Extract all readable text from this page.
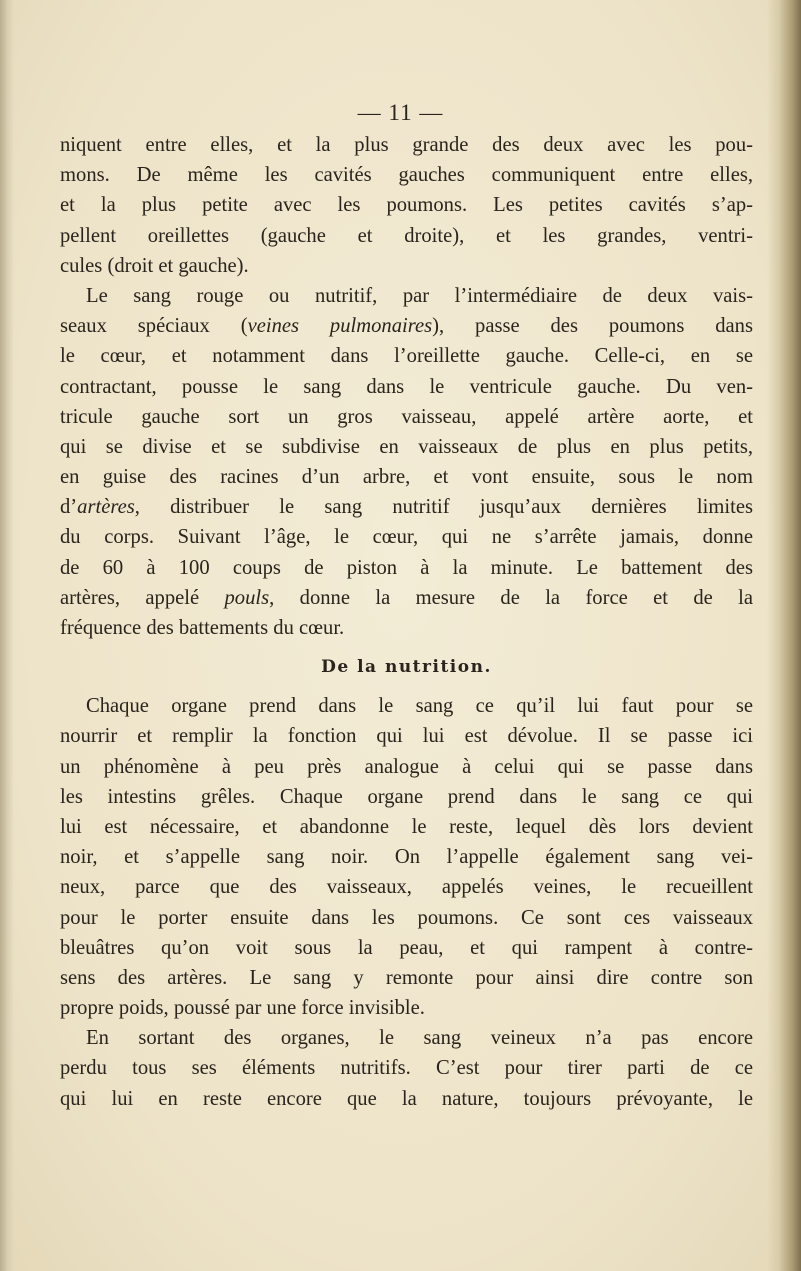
— 11 —
niquent entre elles, et la plus grande des deux avec les pou-
mons. De même les cavités gauches communiquent entre elles,
et la plus petite avec les poumons. Les petites cavités s’ap-
pellent oreillettes (gauche et droite), et les grandes, ventri-
cules (droit et gauche).
Le sang rouge ou nutritif, par l’intermédiaire de deux vais-
seaux spéciaux (veines pulmonaires), passe des poumons dans
le cœur, et notamment dans l’oreillette gauche. Celle-ci, en se
contractant, pousse le sang dans le ventricule gauche. Du ven-
tricule gauche sort un gros vaisseau, appelé artère aorte, et
qui se divise et se subdivise en vaisseaux de plus en plus petits,
en guise des racines d’un arbre, et vont ensuite, sous le nom
d’artères, distribuer le sang nutritif jusqu’aux dernières limites
du corps. Suivant l’âge, le cœur, qui ne s’arrête jamais, donne
de 60 à 100 coups de piston à la minute. Le battement des
artères, appelé pouls, donne la mesure de la force et de la
fréquence des battements du cœur.
De la nutrition.
Chaque organe prend dans le sang ce qu’il lui faut pour se
nourrir et remplir la fonction qui lui est dévolue. Il se passe ici
un phénomène à peu près analogue à celui qui se passe dans
les intestins grêles. Chaque organe prend dans le sang ce qui
lui est nécessaire, et abandonne le reste, lequel dès lors devient
noir, et s’appelle sang noir. On l’appelle également sang vei-
neux, parce que des vaisseaux, appelés veines, le recueillent
pour le porter ensuite dans les poumons. Ce sont ces vaisseaux
bleuâtres qu’on voit sous la peau, et qui rampent à contre-
sens des artères. Le sang y remonte pour ainsi dire contre son
propre poids, poussé par une force invisible.
En sortant des organes, le sang veineux n’a pas encore
perdu tous ses éléments nutritifs. C’est pour tirer parti de ce
qui lui en reste encore que la nature, toujours prévoyante, le
